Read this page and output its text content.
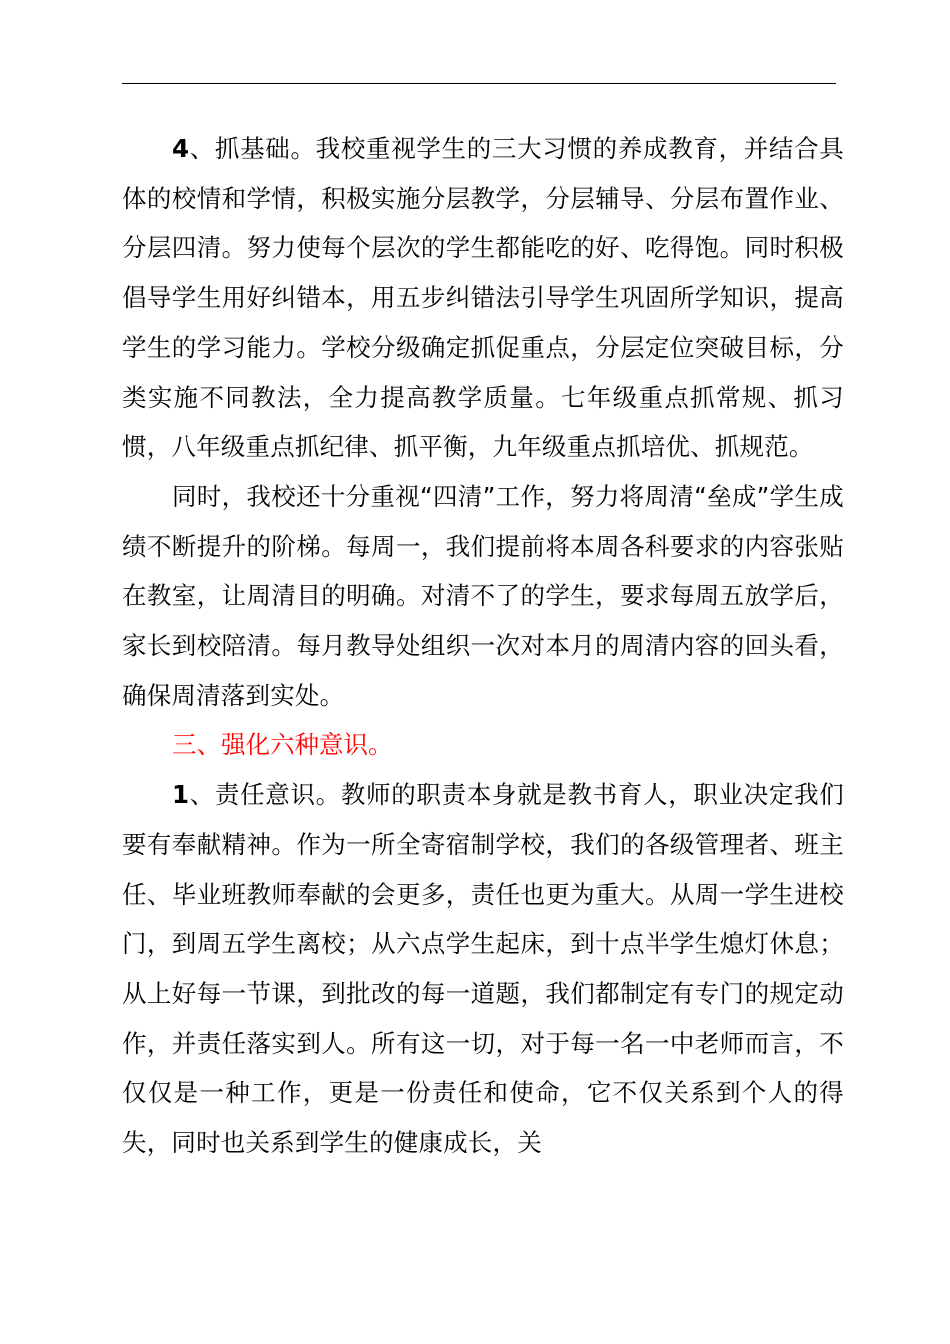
4、抓基础。我校重视学生的三大习惯的养成教育，并结合具体的校情和学情，积极实施分层教学，分层辅导、分层布置作业、分层四清。努力使每个层次的学生都能吃的好、吃得饱。同时积极倡导学生用好纠错本，用五步纠错法引导学生巩固所学知识，提高学生的学习能力。学校分级确定抓促重点，分层定位突破目标，分类实施不同教法，全力提高教学质量。七年级重点抓常规、抓习惯，八年级重点抓纪律、抓平衡，九年级重点抓培优、抓规范。

同时，我校还十分重视“四清”工作，努力将周清“垒成”学生成绩不断提升的阶梯。每周一，我们提前将本周各科要求的内容张贴在教室，让周清目的明确。对清不了的学生，要求每周五放学后，家长到校陪清。每月教导处组织一次对本月的周清内容的回头看，确保周清落到实处。

三、强化六种意识。

1、责任意识。教师的职责本身就是教书育人，职业决定我们要有奉献精神。作为一所全寄宿制学校，我们的各级管理者、班主任、毕业班教师奉献的会更多，责任也更为重大。从周一学生进校门，到周五学生离校；从六点学生起床，到十点半学生熄灯休息；从上好每一节课，到批改的每一道题，我们都制定有专门的规定动作，并责任落实到人。所有这一切，对于每一名一中老师而言，不仅仅是一种工作，更是一份责任和使命，它不仅关系到个人的得失，同时也关系到学生的健康成长，关
